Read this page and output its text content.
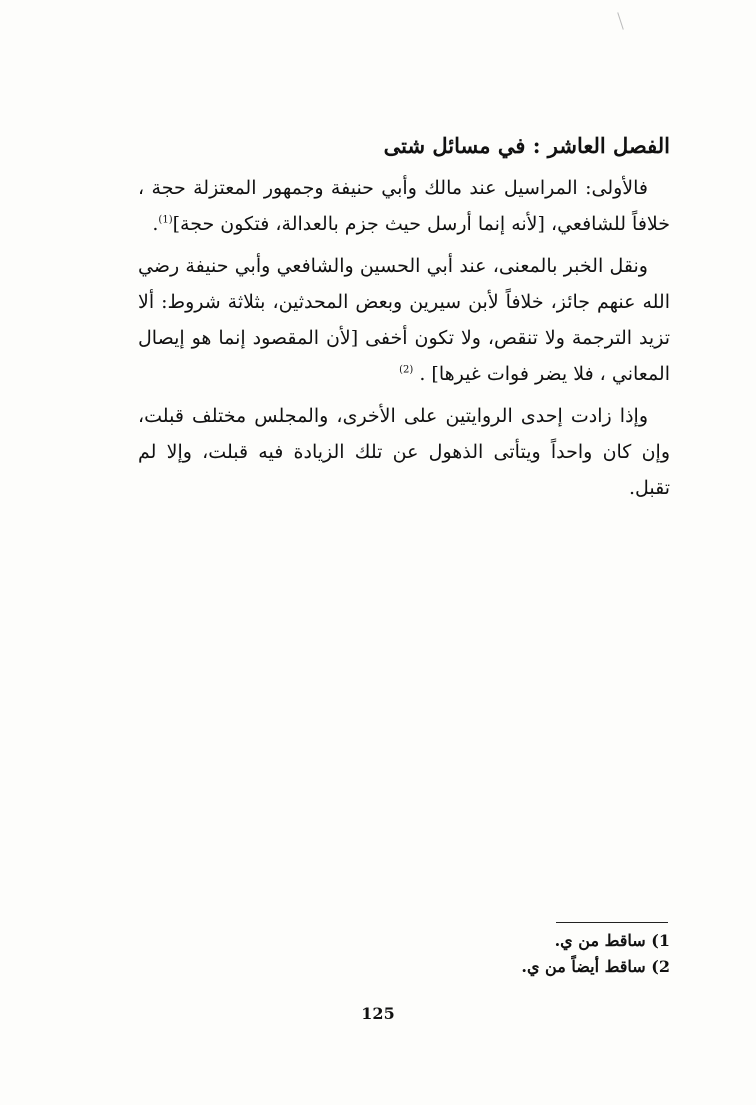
الفصل العاشر : في مسائل شتى

فالأولى: المراسيل عند مالك وأبي حنيفة وجمهور المعتزلة حجة ، خلافاً للشافعي، [لأنه إنما أرسل حيث جزم بالعدالة، فتكون حجة]$^{(1)}$.

ونقل الخبر بالمعنى، عند أبي الحسين والشافعي وأبي حنيفة رضي الله عنهم جائز، خلافاً لأبن سيرين وبعض المحدثين، بثلاثة شروط: ألا تزيد الترجمة ولا تنقص، ولا تكون أخفى [لأن المقصود إنما هو إيصال المعاني ، فلا يضر فوات غيرها] . $^{(2)}$

وإذا زادت إحدى الروايتين على الأخرى، والمجلس مختلف قبلت، وإن كان واحداً ويتأتى الذهول عن تلك الزيادة فيه قبلت، وإلا لم تقبل.

1) ساقط من ي.
2) ساقط أيضاً من ي.
125
